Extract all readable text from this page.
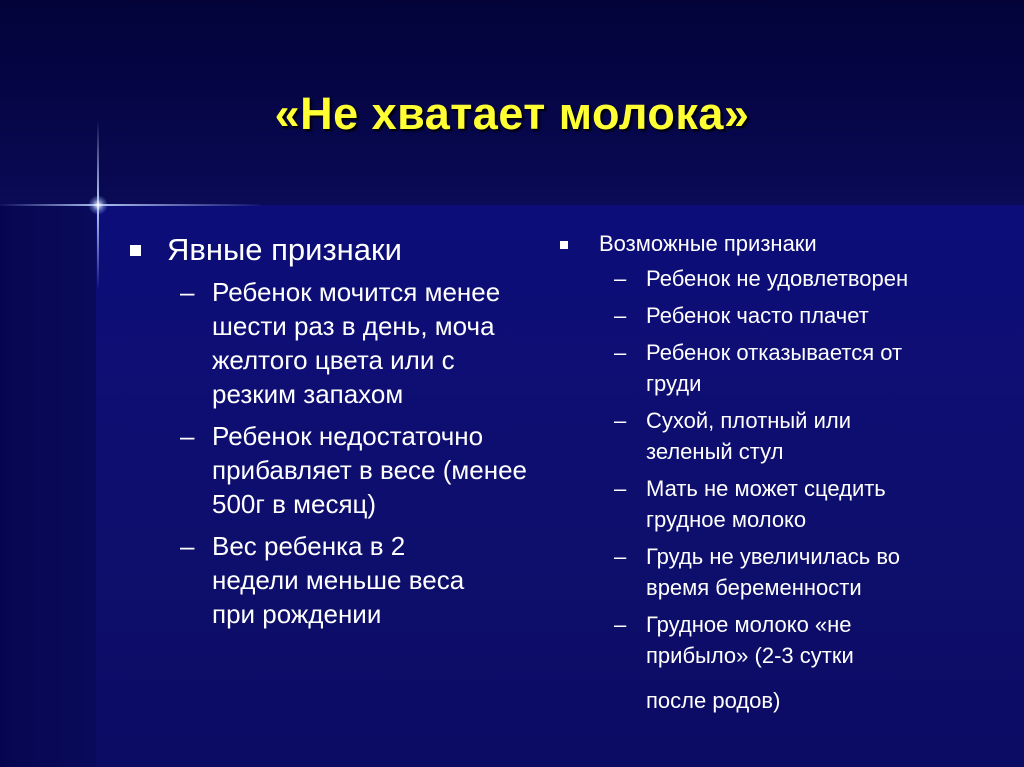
«Не хватает молока»
Явные признаки
– Ребенок мочится менее шести раз в день, моча желтого цвета или с резким запахом
– Ребенок недостаточно прибавляет в весе (менее 500г в месяц)
– Вес ребенка в 2 недели меньше веса при рождении
Возможные признаки
– Ребенок не удовлетворен
– Ребенок часто плачет
– Ребенок отказывается от груди
– Сухой, плотный или зеленый стул
– Мать не может сцедить грудное молоко
– Грудь не увеличилась во время беременности
– Грудное молоко «не прибыло» (2-3 сутки
после родов)
